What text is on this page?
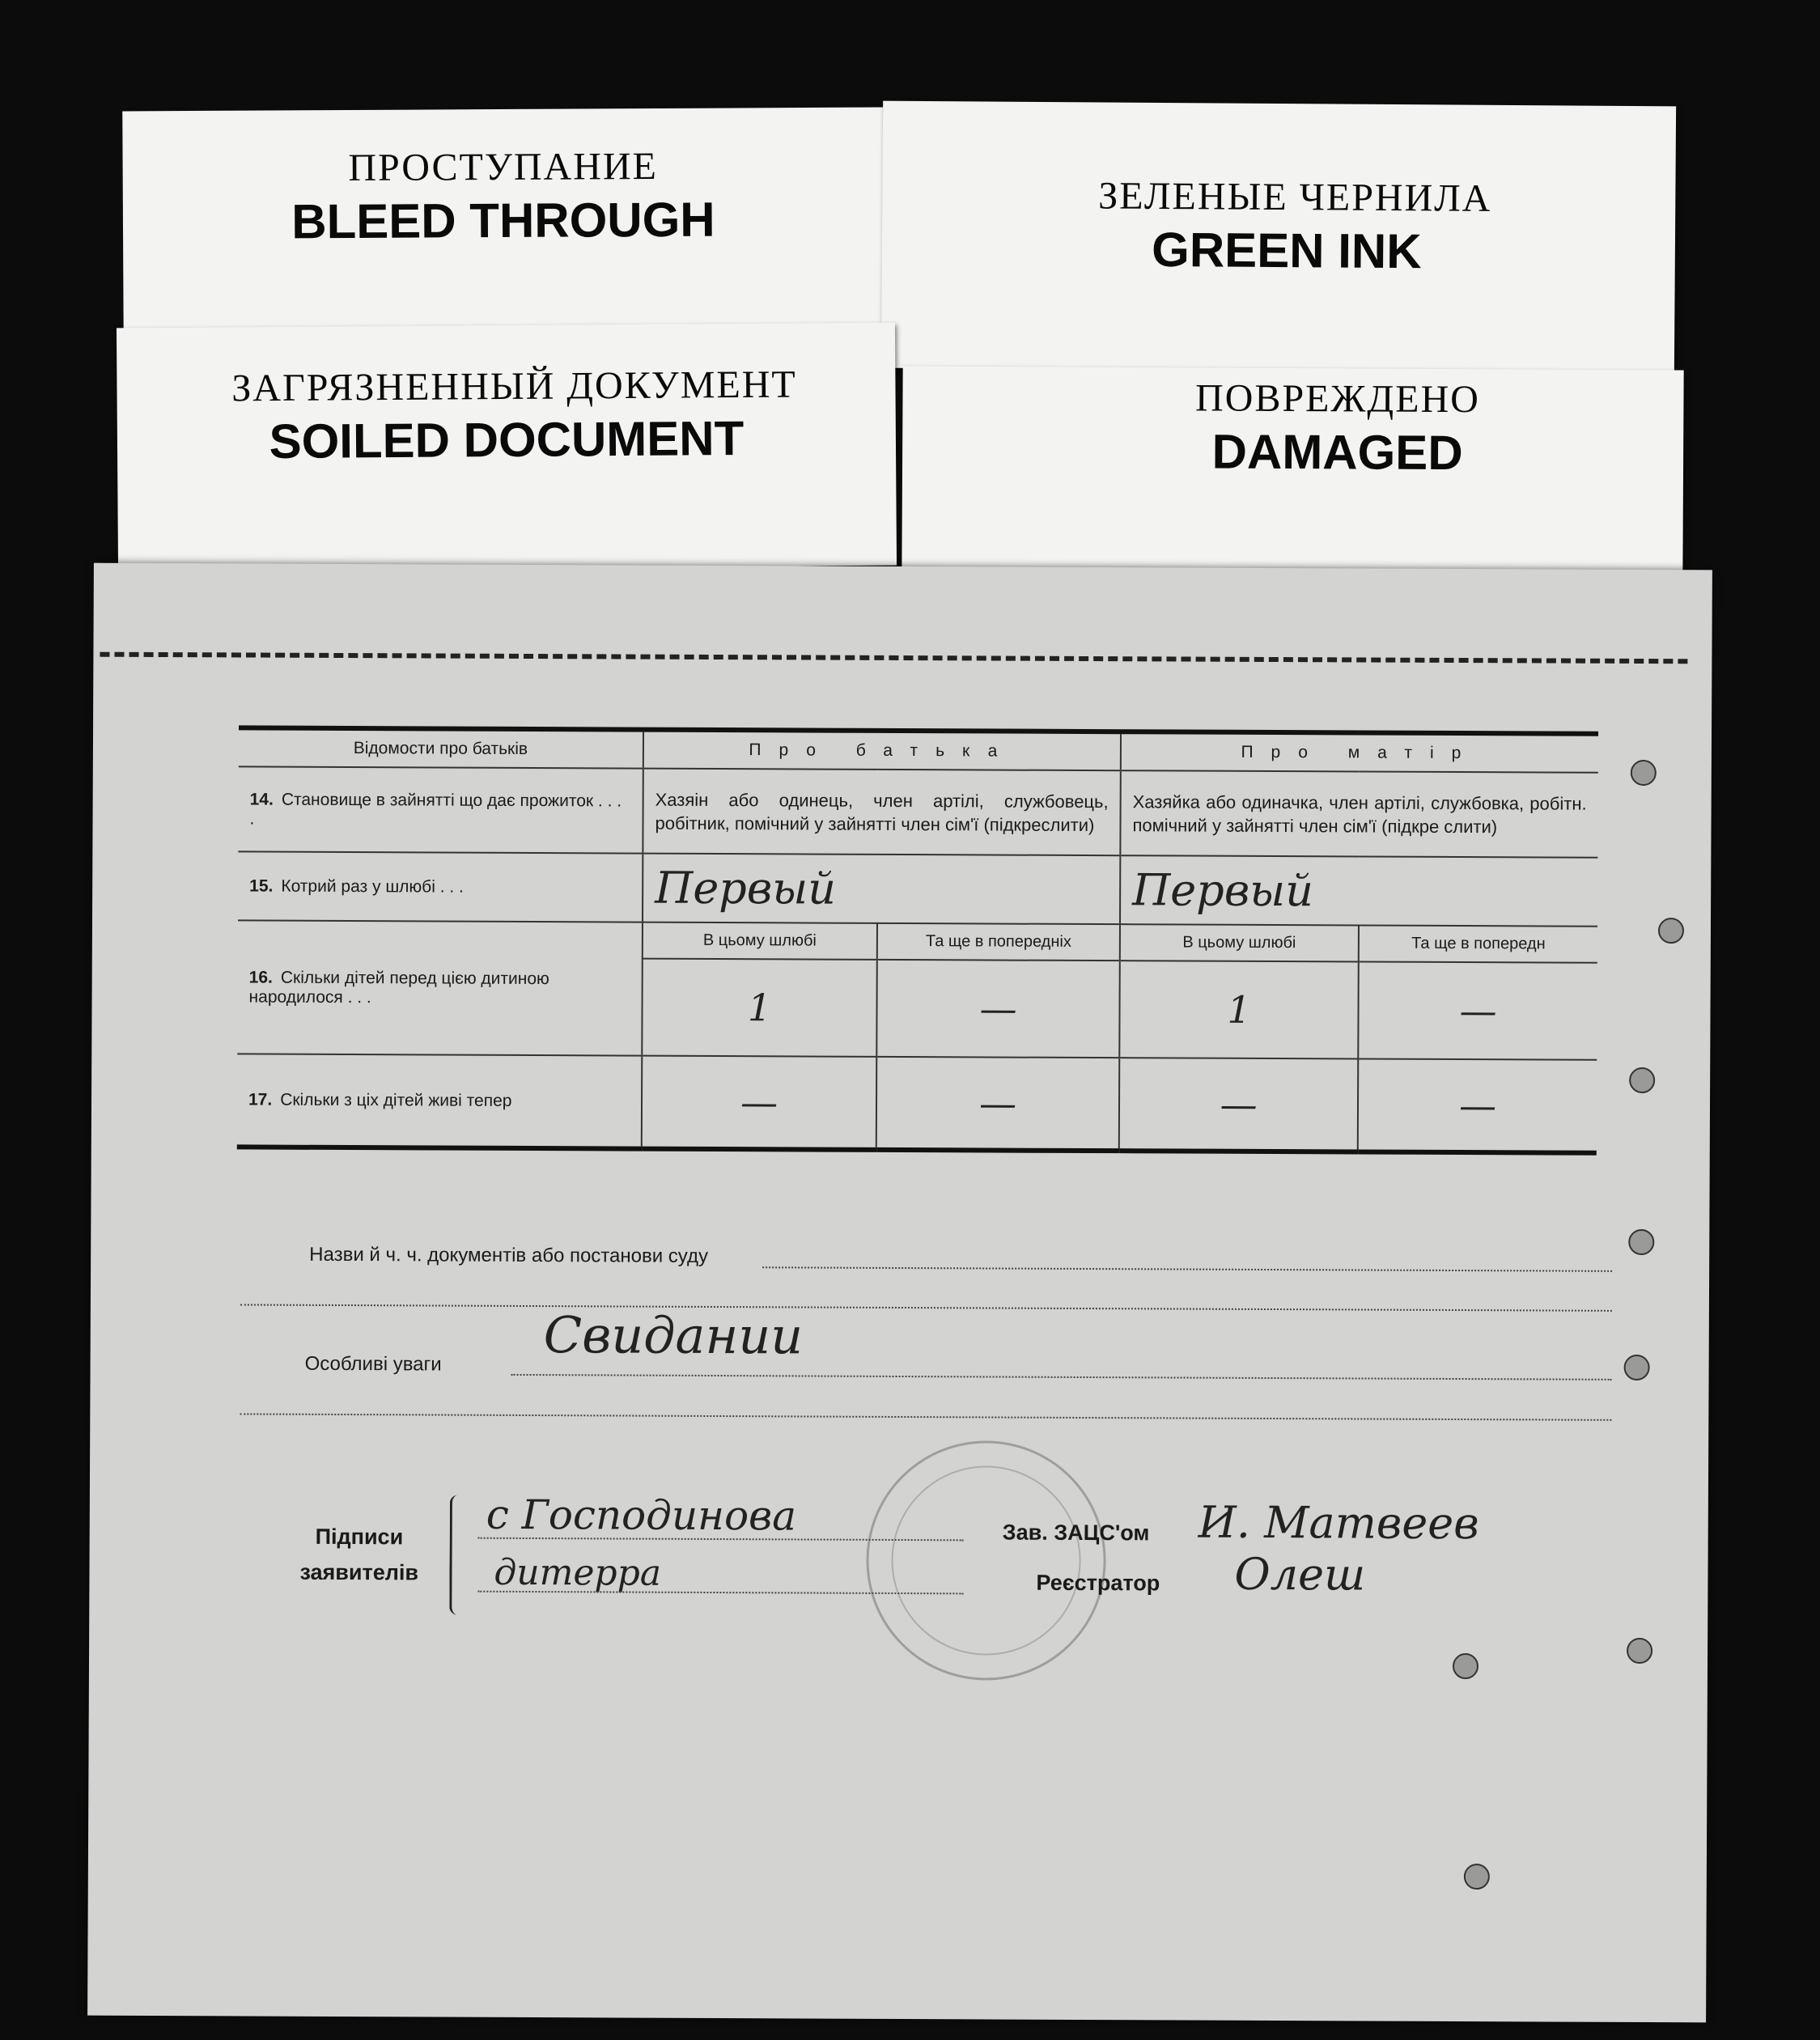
ПРОСТУПАНИЕ
BLEED THROUGH	ЗЕЛЕНЫЕ ЧЕРНИЛА
GREEN INK
ЗАГРЯЗНЕННЫЙ ДОКУМЕНТ
SOILED DOCUMENT
ПОВРЕЖДЕНО
DAMAGED
Відомости про батьків	Про батька		Про матір	
14. Становище в зайнятті що дає прожиток . . . .	Хазяін або одинець, член артілі, службовець, робітник, помічний у зайнятті член сім'ї (підкреслити)		Хазяйка або одиначка, член артілі, службовка, робітн. помічний у зайнятті член сім'ї (підкре слити)	
15. Котрий раз у шлюбі . . .	Первый		Первый	
16. Скільки дітей перед цією дитиною народилося . . .	В цьому шлюбі	Та ще в попередніх	В цьому шлюбі	Та ще в попередн
	1	—	1	—
17. Скільки з ціх дітей живі тепер	—	—	—	—
Назви й ч. ч. документів або постанови суду
Свидании
Особливі уваги
Підписи
заявителів
с Господинова
дитерра
Зав. ЗАЦС'ом И. Матвеев
Реєстратор Олеш
